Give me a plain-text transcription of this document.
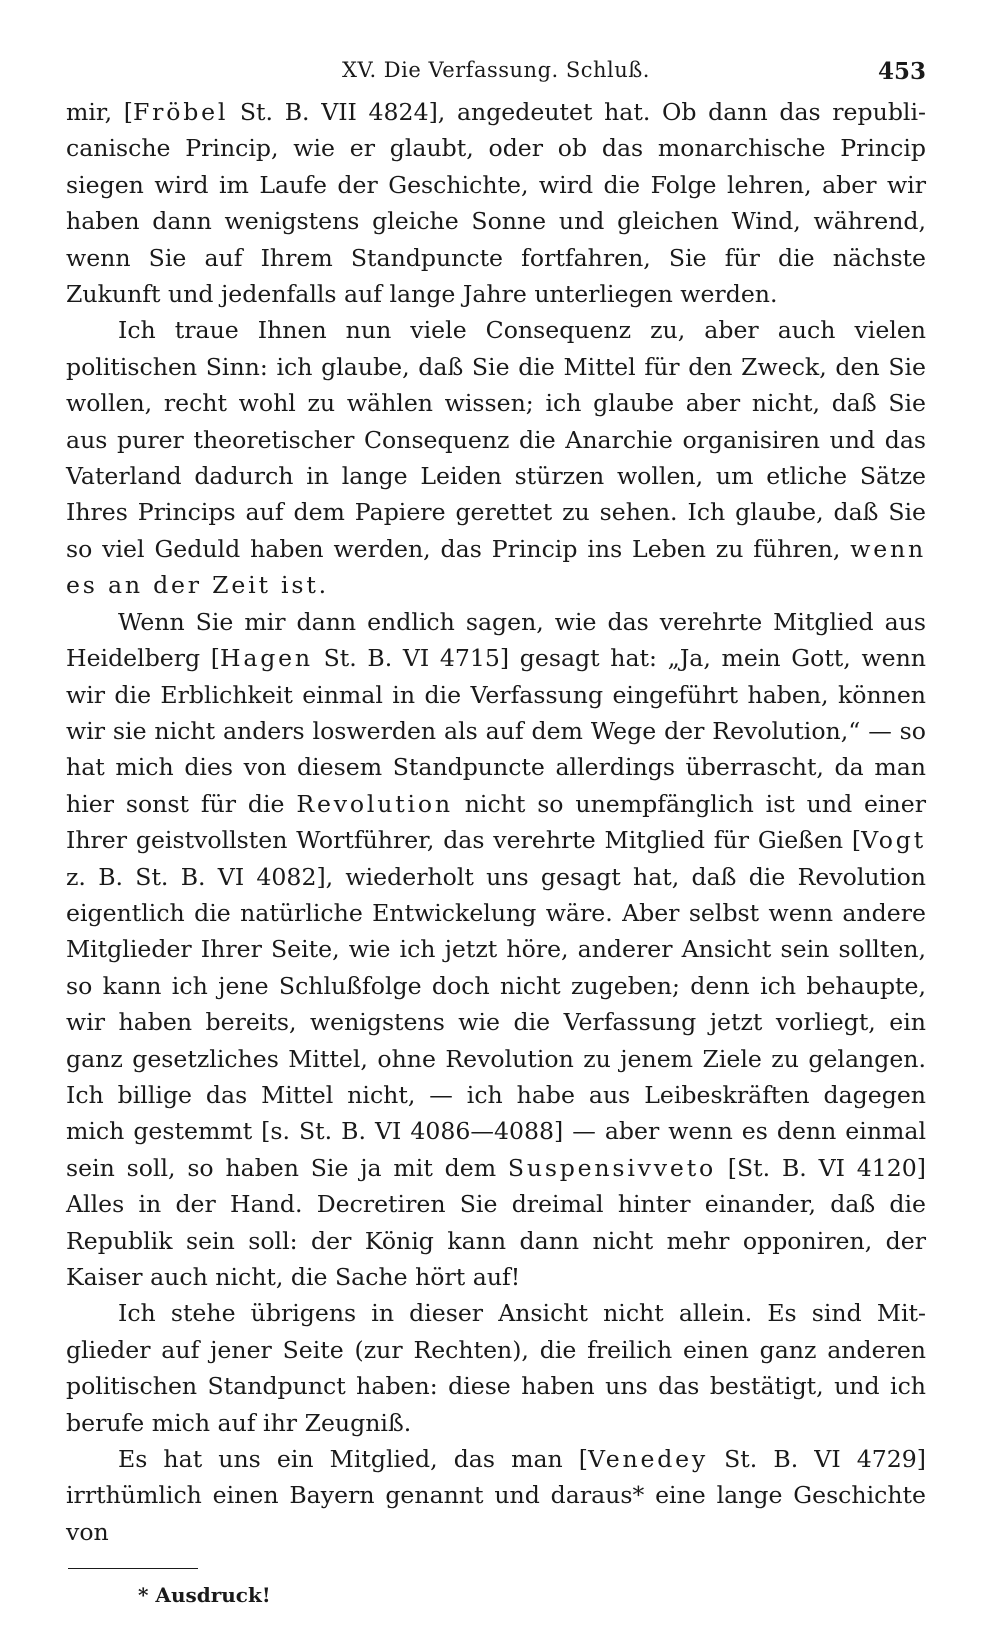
XV. Die Verfassung. Schluß.	453

mir, [Fröbel St. B. VII 4824], angedeutet hat. Ob dann das republicanische Princip, wie er glaubt, oder ob das monarchische Princip siegen wird im Laufe der Geschichte, wird die Folge lehren, aber wir haben dann wenigstens gleiche Sonne und gleichen Wind, während, wenn Sie auf Ihrem Standpuncte fortfahren, Sie für die nächste Zukunft und jedenfalls auf lange Jahre unterliegen werden.

Ich traue Ihnen nun viele Consequenz zu, aber auch vielen politischen Sinn: ich glaube, daß Sie die Mittel für den Zweck, den Sie wollen, recht wohl zu wählen wissen; ich glaube aber nicht, daß Sie aus purer theoretischer Consequenz die Anarchie organisiren und das Vaterland dadurch in lange Leiden stürzen wollen, um etliche Sätze Ihres Princips auf dem Papiere gerettet zu sehen. Ich glaube, daß Sie so viel Geduld haben werden, das Princip ins Leben zu führen, wenn es an der Zeit ist.

Wenn Sie mir dann endlich sagen, wie das verehrte Mitglied aus Heidelberg [Hagen St. B. VI 4715] gesagt hat: „Ja, mein Gott, wenn wir die Erblichkeit einmal in die Verfassung eingeführt haben, können wir sie nicht anders loswerden als auf dem Wege der Revolution,“ — so hat mich dies von diesem Standpuncte allerdings überrascht, da man hier sonst für die Revolution nicht so unempfänglich ist und einer Ihrer geistvollsten Wortführer, das verehrte Mitglied für Gießen [Vogt z. B. St. B. VI 4082], wiederholt uns gesagt hat, daß die Revolution eigentlich die natürliche Entwickelung wäre. Aber selbst wenn andere Mitglieder Ihrer Seite, wie ich jetzt höre, anderer Ansicht sein sollten, so kann ich jene Schlußfolge doch nicht zugeben; denn ich behaupte, wir haben bereits, wenigstens wie die Verfassung jetzt vorliegt, ein ganz gesetzliches Mittel, ohne Revolution zu jenem Ziele zu gelangen. Ich billige das Mittel nicht, — ich habe aus Leibeskräften dagegen mich gestemmt [s. St. B. VI 4086—4088] — aber wenn es denn einmal sein soll, so haben Sie ja mit dem Suspensivveto [St. B. VI 4120] Alles in der Hand. Decretiren Sie dreimal hinter einander, daß die Republik sein soll: der König kann dann nicht mehr opponiren, der Kaiser auch nicht, die Sache hört auf!

Ich stehe übrigens in dieser Ansicht nicht allein. Es sind Mitglieder auf jener Seite (zur Rechten), die freilich einen ganz anderen politischen Standpunct haben: diese haben uns das bestätigt, und ich berufe mich auf ihr Zeugniß.

Es hat uns ein Mitglied, das man [Venedey St. B. VI 4729] irrthümlich einen Bayern genannt und daraus* eine lange Geschichte von

* Ausdruck!
